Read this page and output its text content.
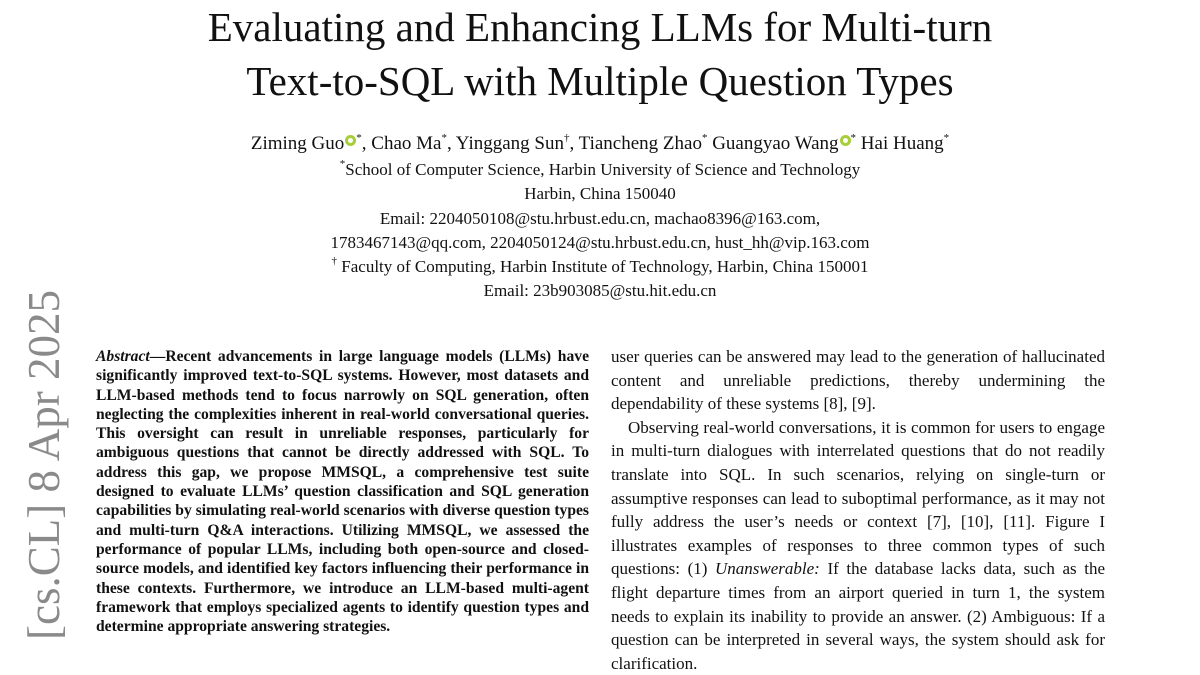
Evaluating and Enhancing LLMs for Multi-turn
Text-to-SQL with Multiple Question Types
Ziming Guo *, Chao Ma*, Yinggang Sun†, Tiancheng Zhao* Guangyao Wang * Hai Huang*
*School of Computer Science, Harbin University of Science and Technology
Harbin, China 150040
Email: 2204050108@stu.hrbust.edu.cn, machao8396@163.com,
1783467143@qq.com, 2204050124@stu.hrbust.edu.cn, hust_hh@vip.163.com
† Faculty of Computing, Harbin Institute of Technology, Harbin, China 150001
Email: 23b903085@stu.hit.edu.cn
[cs.CL] 8 Apr 2025 Abstract—Recent advancements in large language models (LLMs) have significantly improved text-to-SQL systems. However, most datasets and LLM-based methods tend to focus narrowly on SQL generation, often neglecting the complexities inherent in real-world conversational queries. This oversight can result in unreliable responses, particularly for ambiguous questions that cannot be directly addressed with SQL. To address this gap, we propose MMSQL, a comprehensive test suite designed to evaluate LLMs’ question classification and SQL generation capabilities by simulating real-world scenarios with diverse question types and multi-turn Q&A interactions. Utilizing MMSQL, we assessed the performance of popular LLMs, including both open-source and closed-source models, and identified key factors influencing their performance in these contexts. Furthermore, we introduce an LLM-based multi-agent framework that employs specialized agents to identify question types and determine appropriate answering strategies.

user queries can be answered may lead to the generation of hallucinated content and unreliable predictions, thereby undermining the dependability of these systems [8], [9].

Observing real-world conversations, it is common for users to engage in multi-turn dialogues with interrelated questions that do not readily translate into SQL. In such scenarios, relying on single-turn or assumptive responses can lead to suboptimal performance, as it may not fully address the user’s needs or context [7], [10], [11]. Figure I illustrates examples of responses to three common types of such questions: (1) Unanswerable: If the database lacks data, such as the flight departure times from an airport queried in turn 1, the system needs to explain its inability to provide an answer. (2) Ambiguous: If a question can be interpreted in several ways, the system should ask for clarification.
